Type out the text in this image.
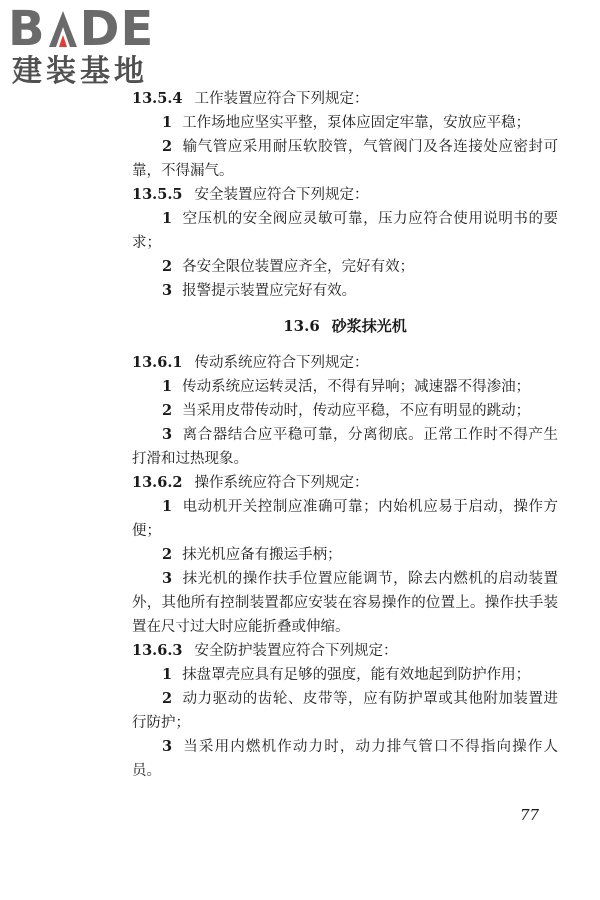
B DE
建装基地

13.5.4 工作装置应符合下列规定：

1 工作场地应坚实平整，泵体应固定牢靠，安放应平稳；

2 输气管应采用耐压软胶管，气管阀门及各连接处应密封可靠，不得漏气。

13.5.5 安全装置应符合下列规定：

1 空压机的安全阀应灵敏可靠，压力应符合使用说明书的要求；

2 各安全限位装置应齐全，完好有效；

3 报警提示装置应完好有效。

13.6 砂浆抹光机

13.6.1 传动系统应符合下列规定：

1 传动系统应运转灵活，不得有异响；减速器不得渗油；

2 当采用皮带传动时，传动应平稳，不应有明显的跳动；

3 离合器结合应平稳可靠，分离彻底。正常工作时不得产生打滑和过热现象。

13.6.2 操作系统应符合下列规定：

1 电动机开关控制应准确可靠；内始机应易于启动，操作方便；

2 抹光机应备有搬运手柄；

3 抹光机的操作扶手位置应能调节，除去内燃机的启动装置外，其他所有控制装置都应安装在容易操作的位置上。操作扶手装置在尺寸过大时应能折叠或伸缩。

13.6.3 安全防护装置应符合下列规定：

1 抹盘罩壳应具有足够的强度，能有效地起到防护作用；

2 动力驱动的齿轮、皮带等，应有防护罩或其他附加装置进行防护；

3 当采用内燃机作动力时，动力排气管口不得指向操作人员。

77
